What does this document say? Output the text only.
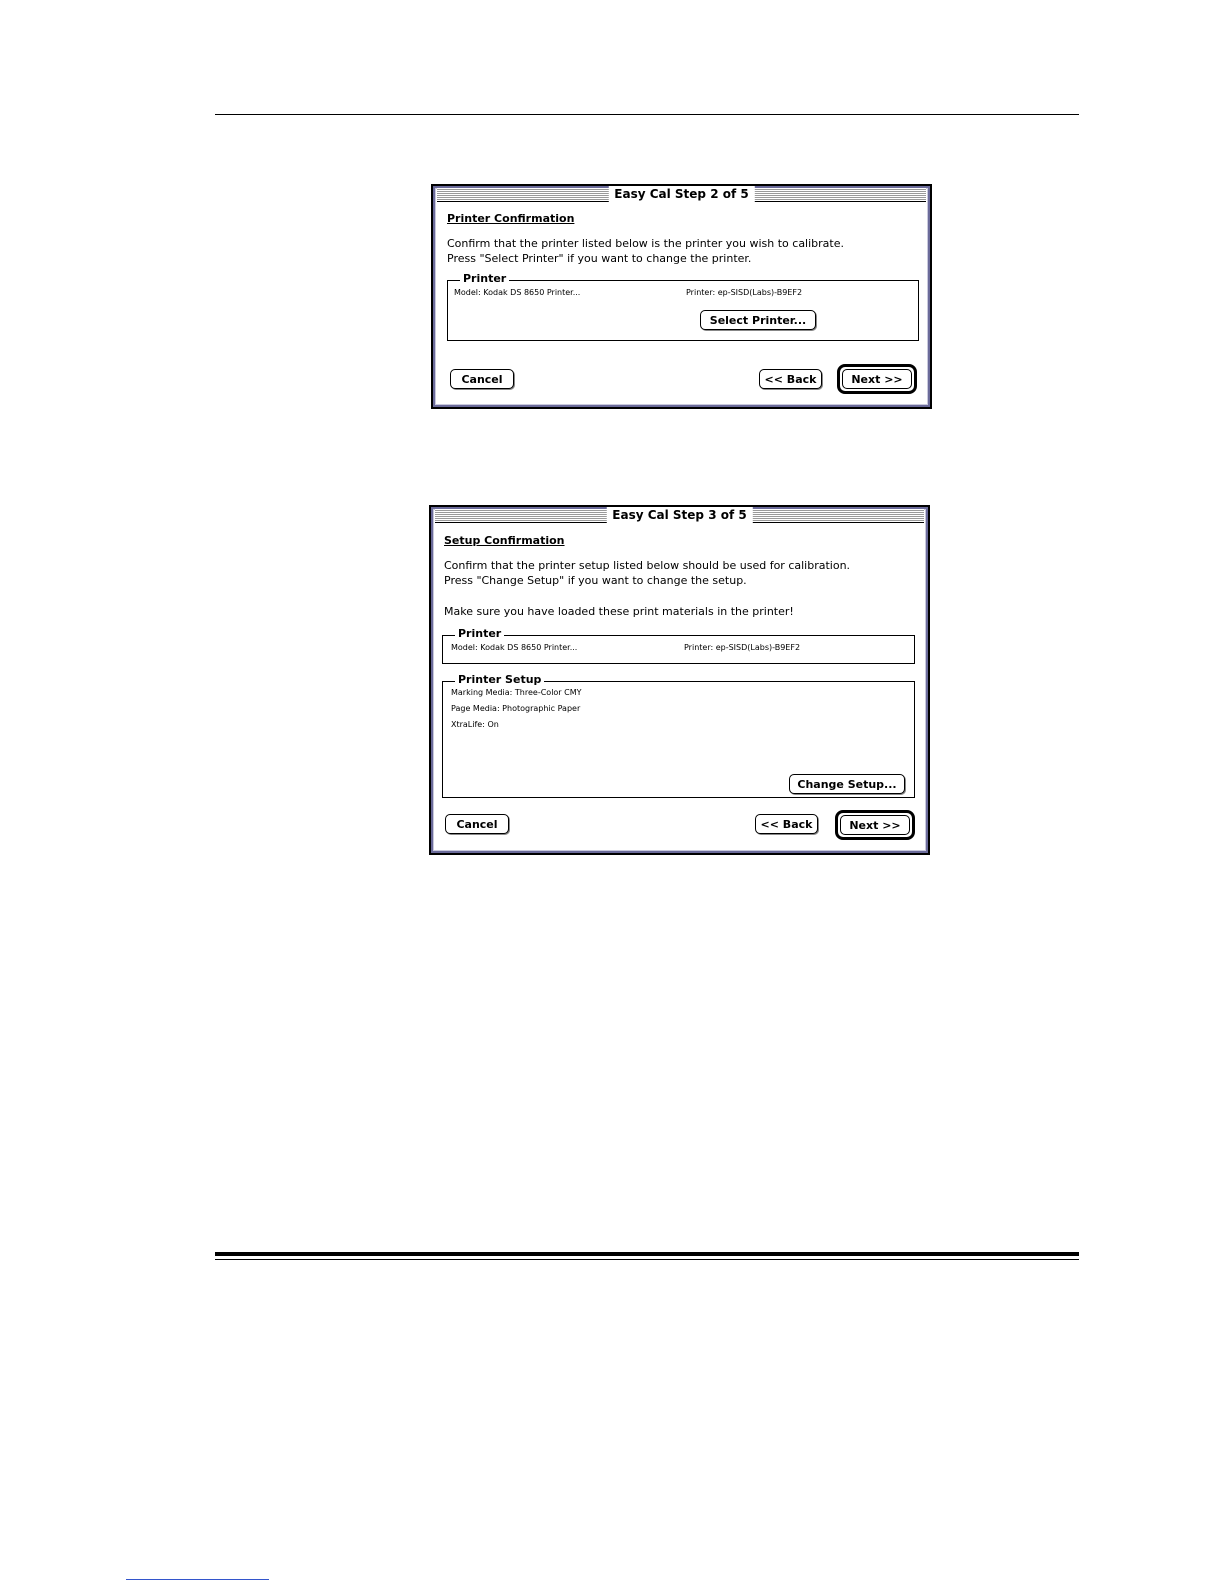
Easy Cal Step 2 of 5
Printer Confirmation
Confirm that the printer listed below is the printer you wish to calibrate.
Press "Select Printer" if you want to change the printer.
Printer
Model: Kodak DS 8650 Printer...	Printer: ep-SISD(Labs)-B9EF2
Select Printer...
Cancel	<< Back	Next >>
Easy Cal Step 3 of 5
Setup Confirmation
Confirm that the printer setup listed below should be used for calibration.
Press "Change Setup" if you want to change the setup.
Make sure you have loaded these print materials in the printer!
Printer
Model: Kodak DS 8650 Printer...	Printer: ep-SISD(Labs)-B9EF2
Printer Setup
Marking Media: Three-Color CMY
Page Media: Photographic Paper
XtraLife: On
Change Setup...
Cancel	<< Back	Next >>
